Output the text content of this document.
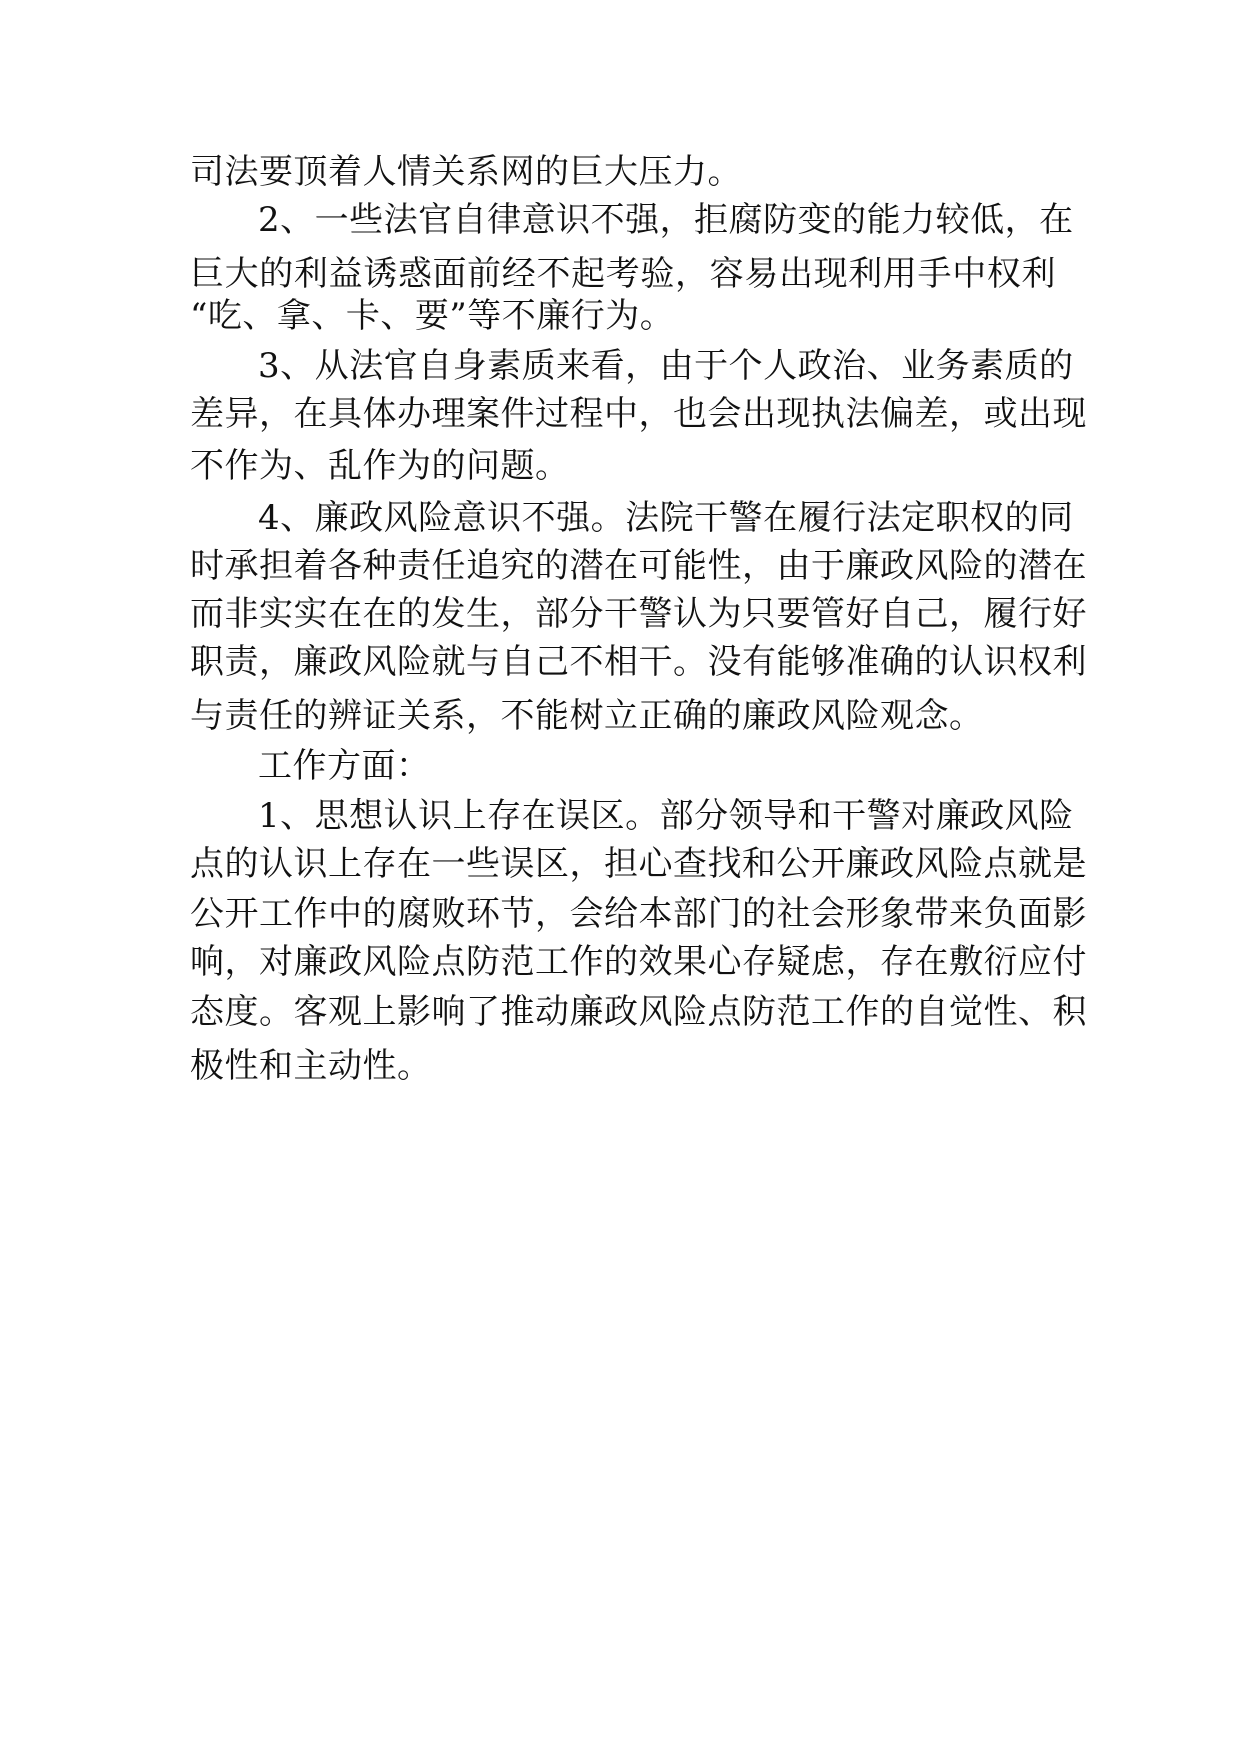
司法要顶着人情关系网的巨大压力。
2、一些法官自律意识不强，拒腐防变的能力较低，在
巨大的利益诱惑面前经不起考验，容易出现利用手中权利
“吃、拿、卡、要”等不廉行为。
3、从法官自身素质来看，由于个人政治、业务素质的
差异，在具体办理案件过程中，也会出现执法偏差，或出现
不作为、乱作为的问题。
4、廉政风险意识不强。法院干警在履行法定职权的同
时承担着各种责任追究的潜在可能性，由于廉政风险的潜在
而非实实在在的发生，部分干警认为只要管好自己，履行好
职责，廉政风险就与自己不相干。没有能够准确的认识权利
与责任的辨证关系，不能树立正确的廉政风险观念。
工作方面：
1、思想认识上存在误区。部分领导和干警对廉政风险
点的认识上存在一些误区，担心查找和公开廉政风险点就是
公开工作中的腐败环节，会给本部门的社会形象带来负面影
响，对廉政风险点防范工作的效果心存疑虑，存在敷衍应付
态度。客观上影响了推动廉政风险点防范工作的自觉性、积
极性和主动性。
